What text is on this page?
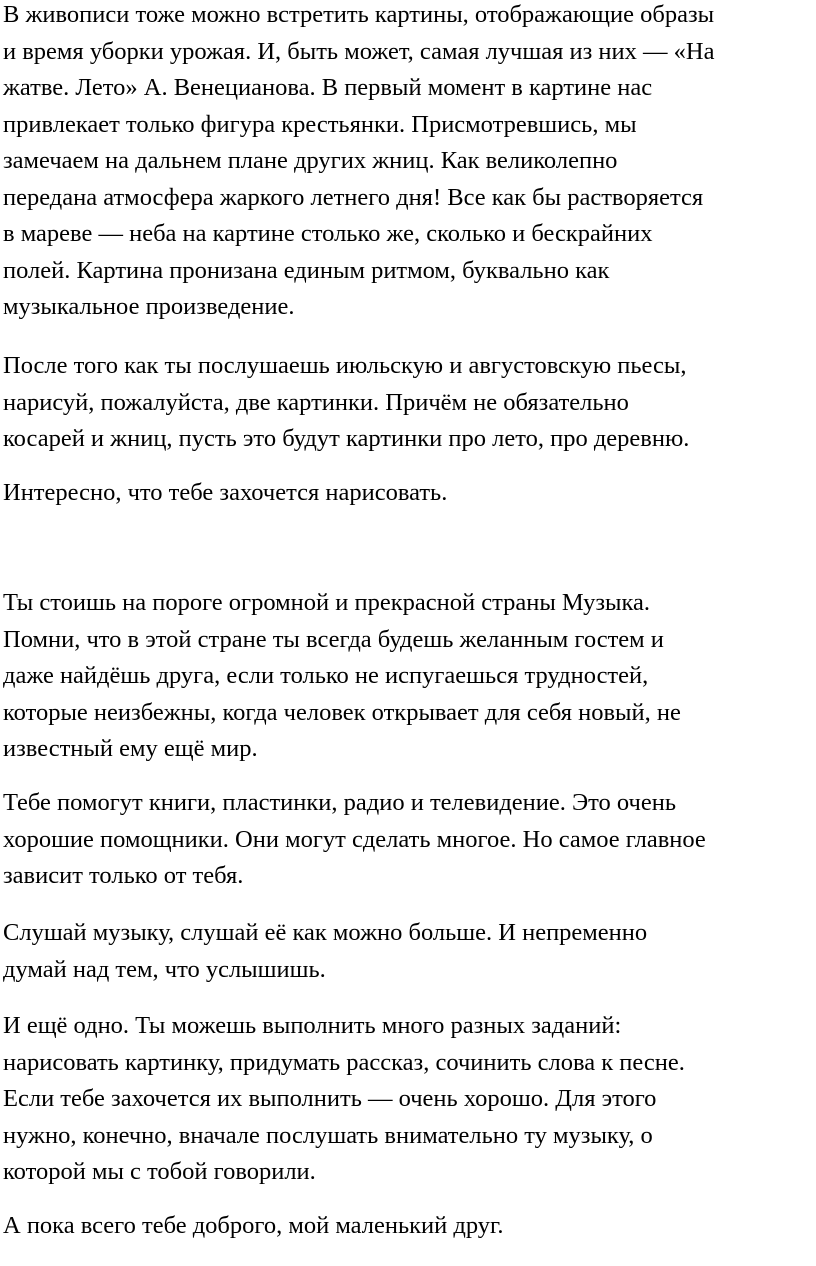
В живописи тоже можно встретить картины, отображающие образы
и время уборки урожая. И, быть может, самая лучшая из них — «На
жатве. Лето» А. Венецианова. В первый момент в картине нас
привлекает только фигура крестьянки. Присмотревшись, мы
замечаем на дальнем плане других жниц. Как великолепно
передана атмосфера жаркого летнего дня! Все как бы растворяется
в мареве — неба на картине столько же, сколько и бескрайних
полей. Картина пронизана единым ритмом, буквально как
музыкальное произведение.

После того как ты послушаешь июльскую и августовскую пьесы,
нарисуй, пожалуйста, две картинки. Причём не обязательно
косарей и жниц, пусть это будут картинки про лето, про деревню.

Интересно, что тебе захочется нарисовать.

Ты стоишь на пороге огромной и прекрасной страны Музыка.
Помни, что в этой стране ты всегда будешь желанным гостем и
даже найдёшь друга, если только не испугаешься трудностей,
которые неизбежны, когда человек открывает для себя новый, не
известный ему ещё мир.

Тебе помогут книги, пластинки, радио и телевидение. Это очень
хорошие помощники. Они могут сделать многое. Но самое главное
зависит только от тебя.

Слушай музыку, слушай её как можно больше. И непременно
думай над тем, что услышишь.

И ещё одно. Ты можешь выполнить много разных заданий:
нарисовать картинку, придумать рассказ, сочинить слова к песне.
Если тебе захочется их выполнить — очень хорошо. Для этого
нужно, конечно, вначале послушать внимательно ту музыку, о
которой мы с тобой говорили.

А пока всего тебе доброго, мой маленький друг.
